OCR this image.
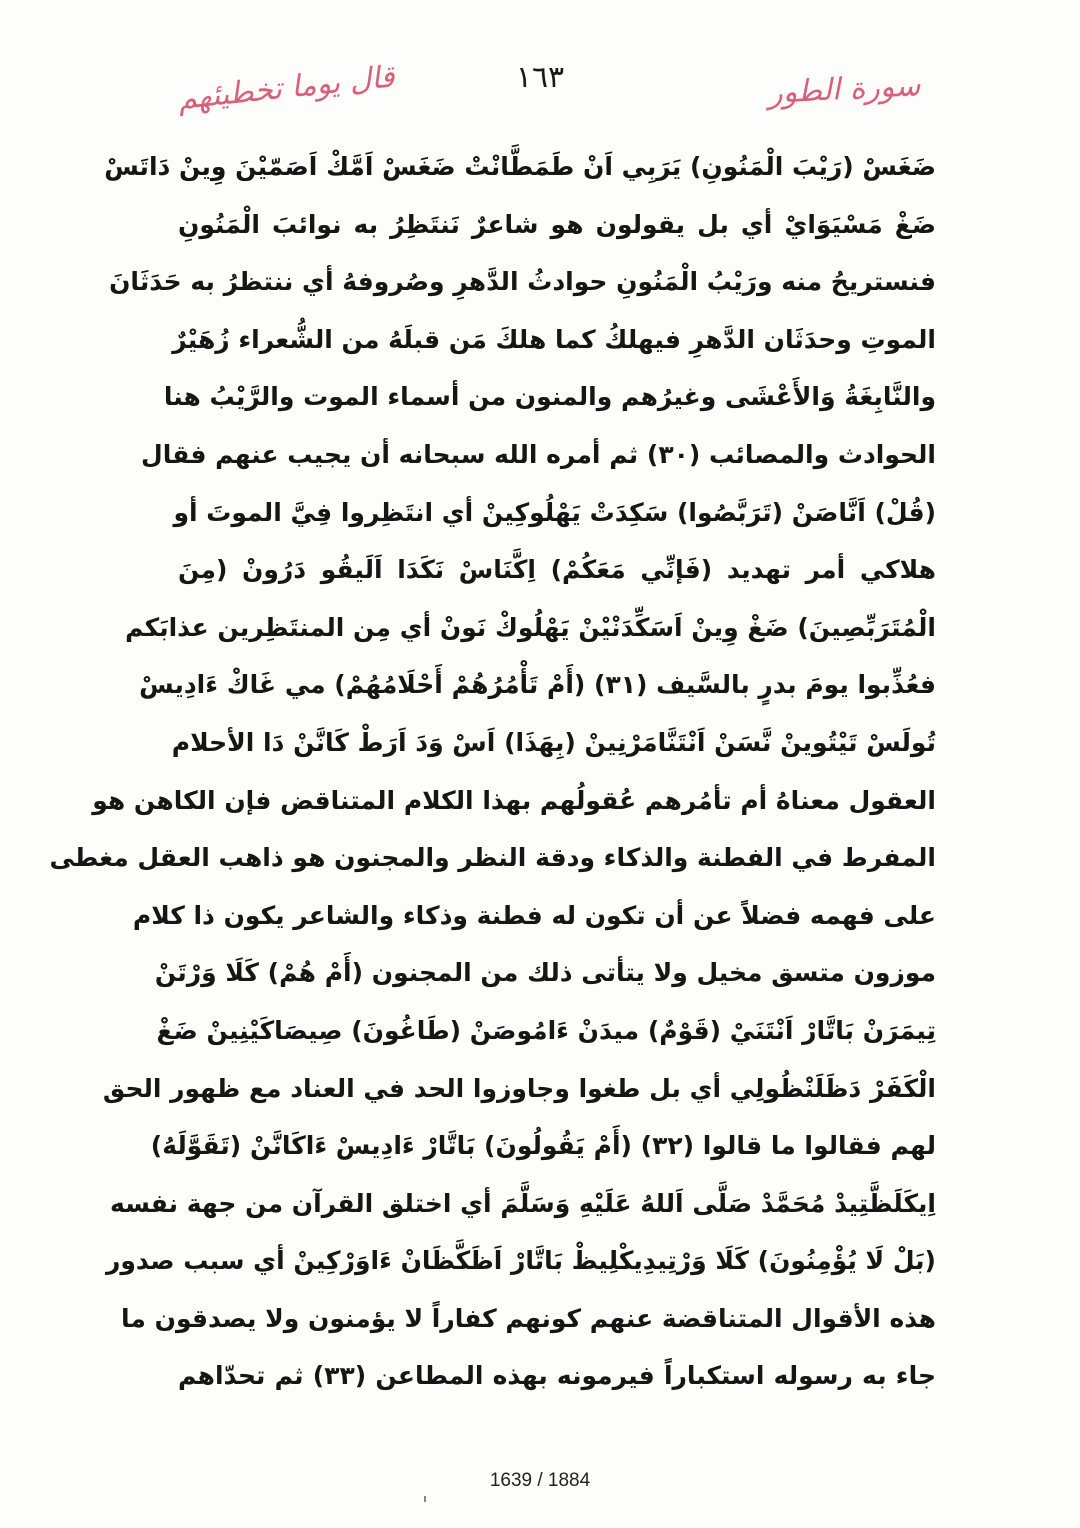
قال يوما تخطيئهم	١٦٣	سورة الطور
ضَغَسْ (رَيْبَ الْمَنُونِ) يَرَبِي اَنْ طَمَطَّانْتْ ضَغَسْ اَمَّكْ اَصَمّيْنَ وِينْ دَاتَسْ
ضَغْ مَسْيَوَايْ أي بل يقولون هو شاعرٌ نَنتَظِرُ به نوائبَ الْمَنُونِ
فنستريحُ منه ورَيْبُ الْمَنُونِ حوادثُ الدَّهرِ وصُروفهُ أي ننتظرُ به حَدَثَانَ
الموتِ وحدَثَان الدَّهرِ فيهلكُ كما هلكَ مَن قبلَهُ من الشُّعراء زُهَيْرٌ
والنَّابِغَةُ وَالأَعْشَى وغيرُهم والمنون من أسماء الموت والرَّيْبُ هنا
الحوادث والمصائب (٣٠) ثم أمره الله سبحانه أن يجيب عنهم فقال
(قُلْ) اَنَّاصَنْ (تَرَبَّصُوا) سَكِدَتْ يَهْلُوكِينْ أي انتَظِروا فِيَّ الموتَ أو
هلاكي أمر تهديد (فَإنِّي مَعَكُمْ) اِكَّنَاسْ نَكَدَا اَلَيقُو دَرُونْ (مِنَ
الْمُتَرَبِّصِينَ) ضَغْ وِينْ اَسَكِّدَنْيْنْ يَهْلُوكْ نَونْ أي مِن المنتَظِرين عذابَكم
فعُذِّبوا يومَ بدرٍ بالسَّيف (٣١) (أَمْ تَأْمُرُهُمْ أَحْلَامُهُمْ) مي غَاكْ ءَادِيسْ
تُولَسْ تَيْتُوينْ نَّسَنْ اَنْتَنَّامَرْنِينْ (بِهَذَا) اَسْ وَدَ اَرَطْ كَانَّنْ دَا الأحلام
العقول معناهُ أم تأمُرهم عُقولُهم بهذا الكلام المتناقض فإن الكاهن هو
المفرط في الفطنة والذكاء ودقة النظر والمجنون هو ذاهب العقل مغطى
على فهمه فضلاً عن أن تكون له فطنة وذكاء والشاعر يكون ذا كلام
موزون متسق مخيل ولا يتأتى ذلك من المجنون (أَمْ هُمْ) كَلَا وَرْتَنْ
تِيمَرَنْ بَاتَّارْ اَنْتَنَيْ (قَوْمٌ) ميدَنْ ءَامُوصَنْ (طَاغُونَ) صِيصَاكَيْنِينْ ضَغْ
الْكَفَرْ دَظَلَنْظُولِي أي بل طغوا وجاوزوا الحد في العناد مع ظهور الحق
لهم فقالوا ما قالوا (٣٢) (أَمْ يَقُولُونَ) بَاتَّارْ ءَادِيسْ ءَاكَانَّنْ (تَقَوَّلَهُ)
اِيكَلَظَّتِيدْ مُحَمَّدْ صَلَّى اَللهُ عَلَيْهِ وَسَلَّمَ أي اختلق القرآن من جهة نفسه
(بَلْ لَا يُؤْمِنُونَ) كَلَا وَرْتِيدِيكْلِيظْ بَاتَّارْ اَظَكَّظَانْ ءَاوَرْكِينْ أي سبب صدور
هذه الأقوال المتناقضة عنهم كونهم كفاراً لا يؤمنون ولا يصدقون ما
جاء به رسوله استكباراً فيرمونه بهذه المطاعن (٣٣) ثم تحدّاهم
1639 / 1884
